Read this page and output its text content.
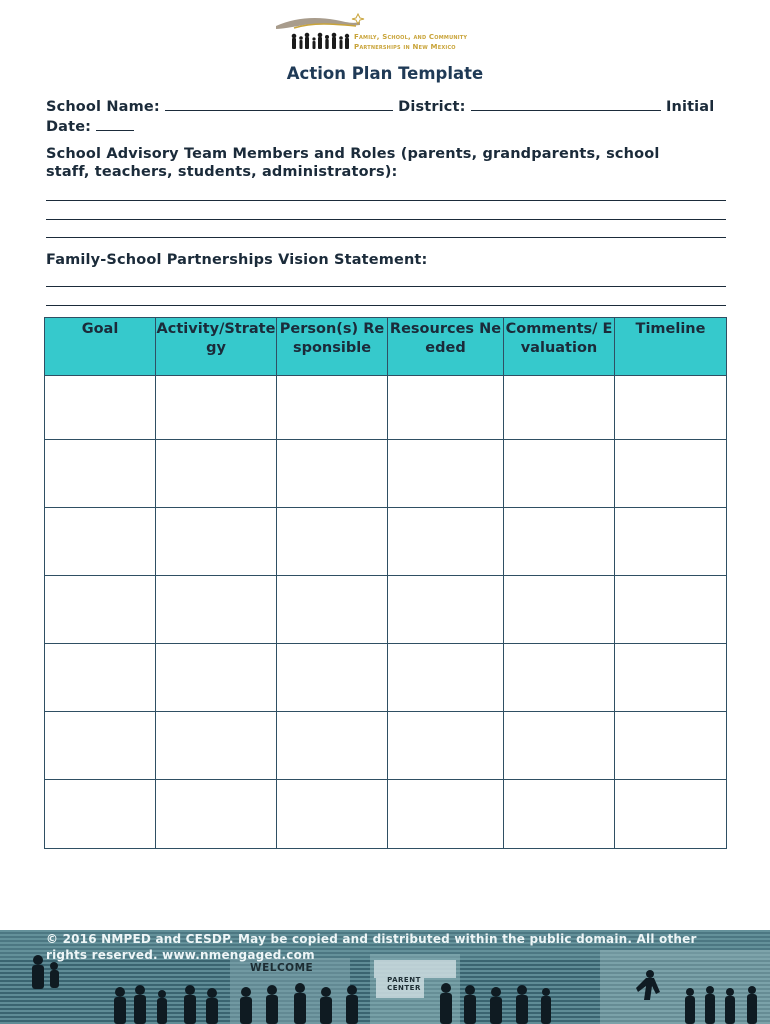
Family, School, and Community
Partnerships in New Mexico
Action Plan Template
School Name:	District:	Initial
Date:
School Advisory Team Members and Roles (parents, grandparents, school
staff, teachers, students, administrators):
Family-School Partnerships Vision Statement:
Goal	Activity/Strategy	Person(s) Responsible	Resources Needed	Comments/ Evaluation	Timeline

© 2016 NMPED and CESDP. May be copied and distributed within the public domain. All other rights reserved. www.nmengaged.com
WELCOME
PARENT CENTER
